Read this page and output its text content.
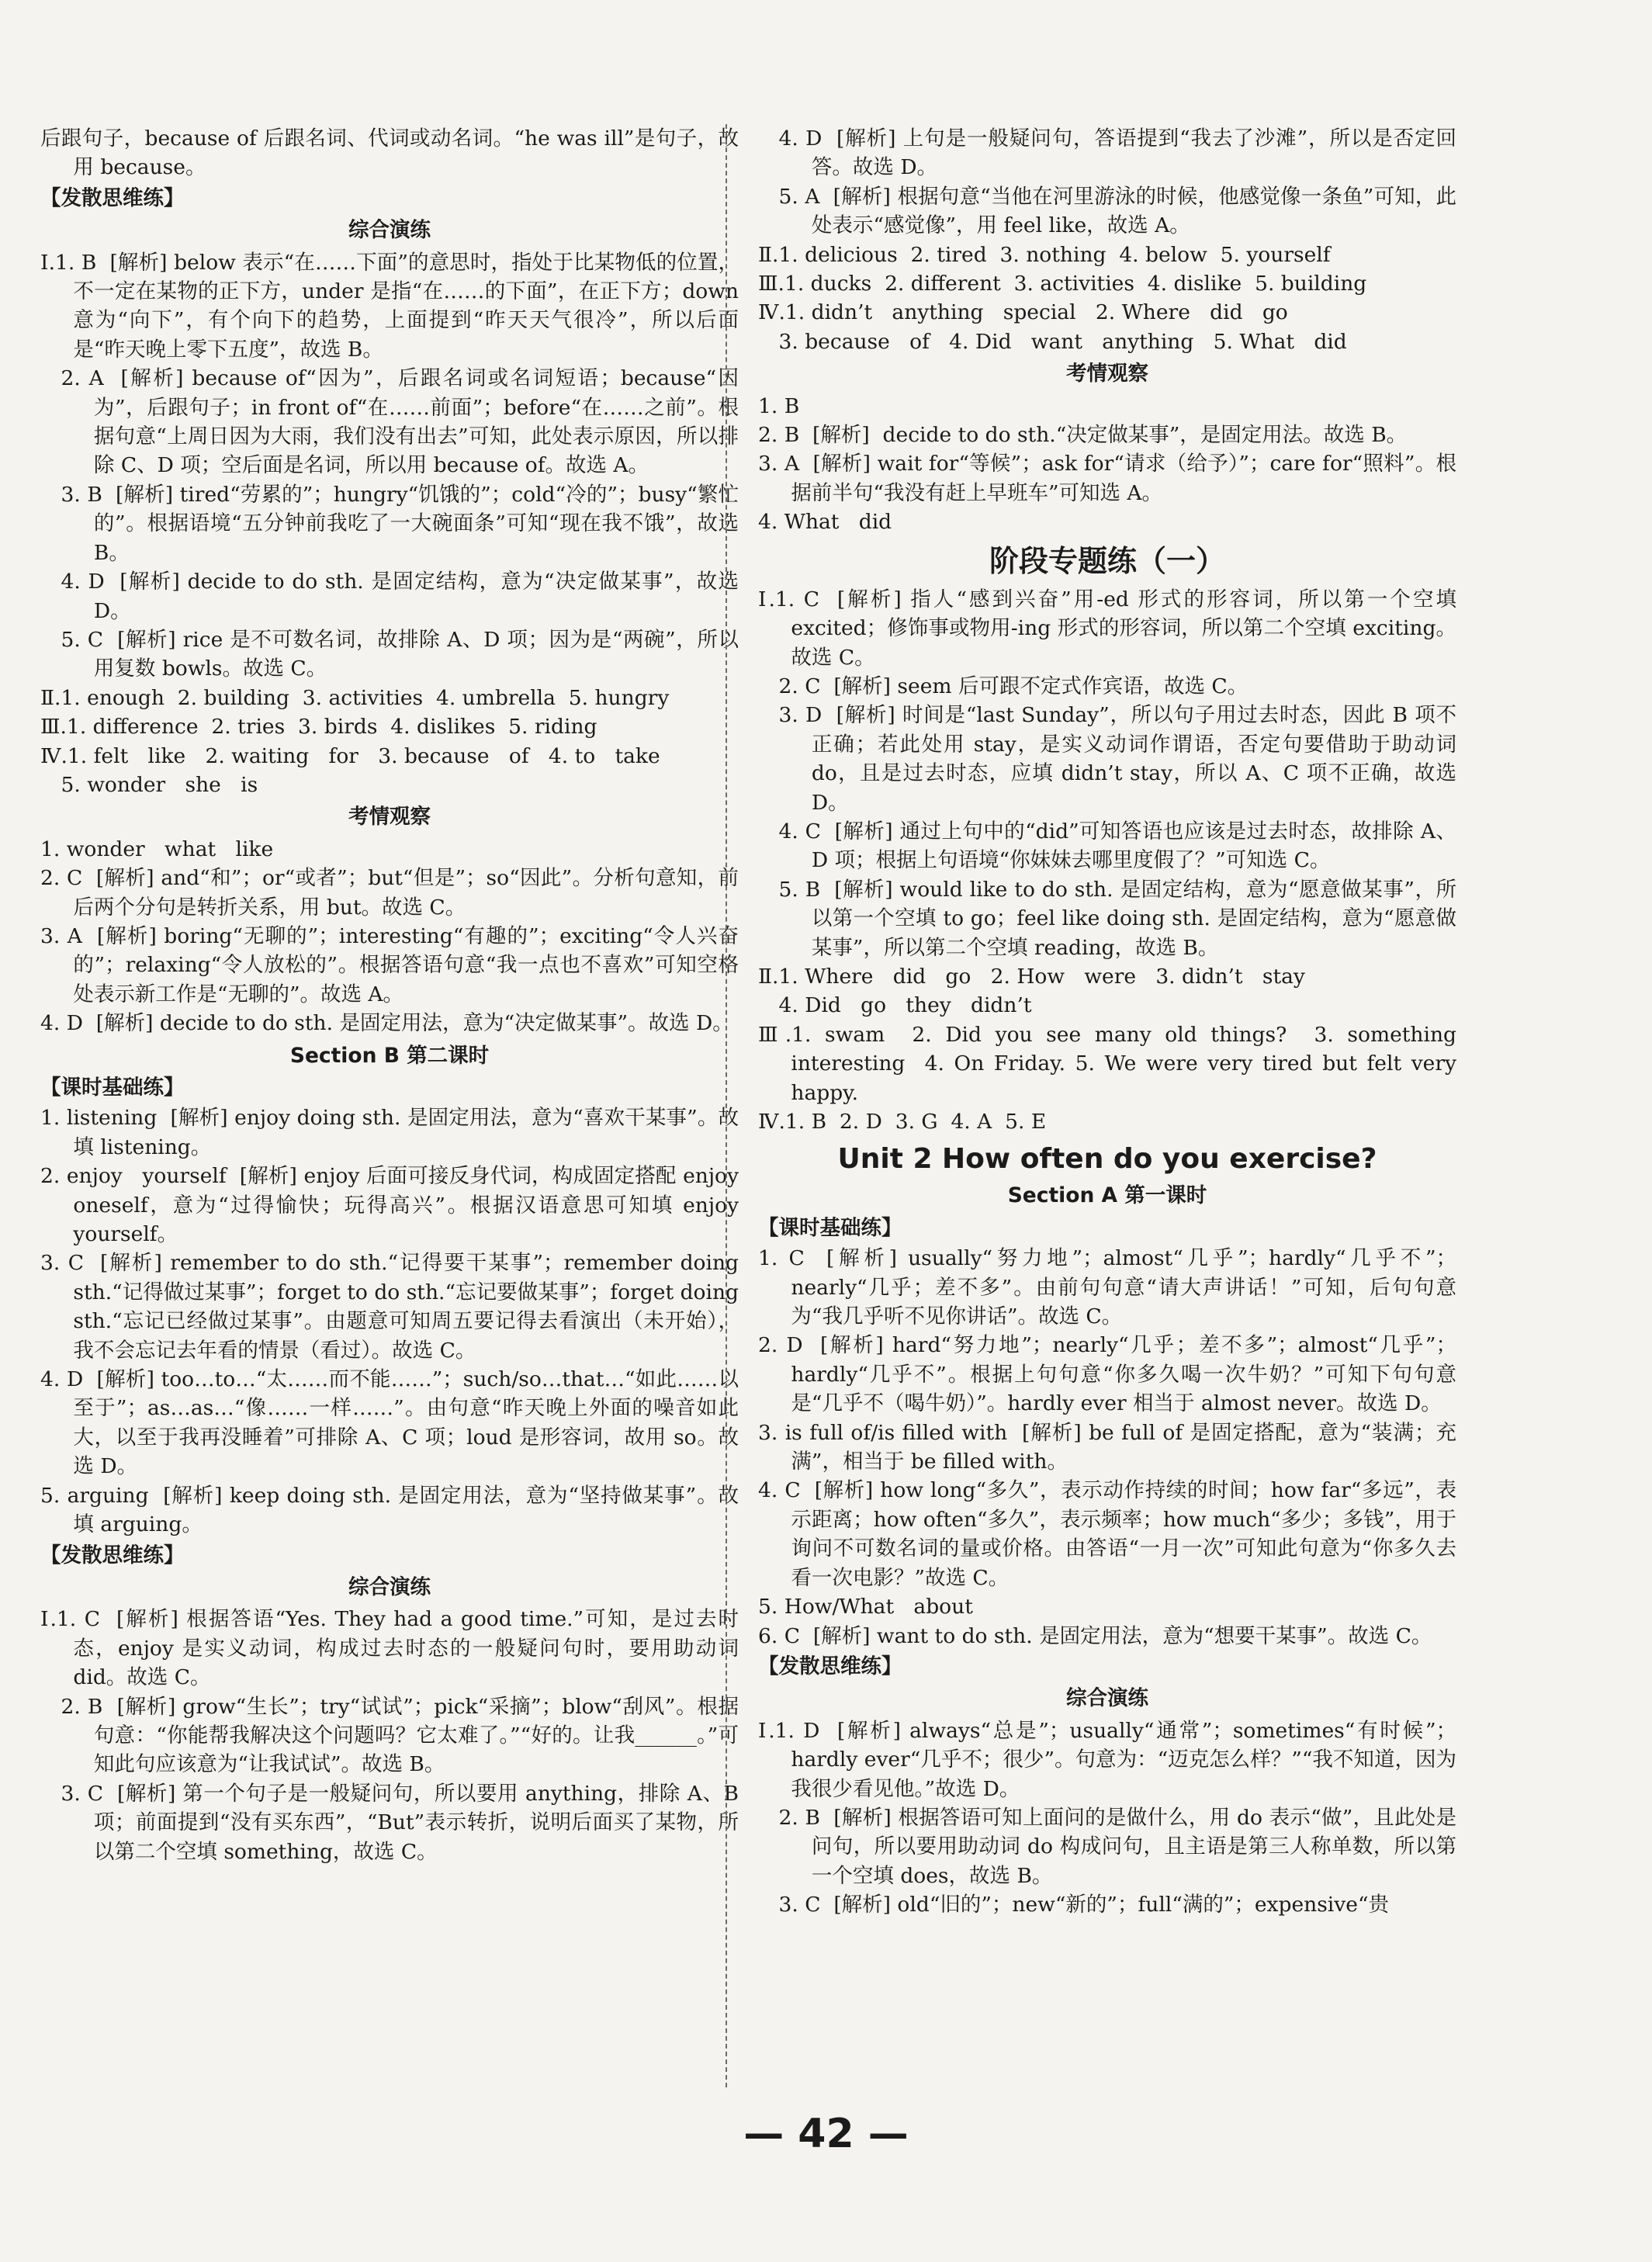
后跟句子，because of 后跟名词、代词或动名词。“he was ill”是句子，故用 because。
【发散思维练】
综合演练
Ⅰ.1. B  [解析] below 表示“在……下面”的意思时，指处于比某物低的位置，不一定在某物的正下方，under 是指“在……的下面”，在正下方；down 意为“向下”，有个向下的趋势，上面提到“昨天天气很冷”，所以后面是“昨天晚上零下五度”，故选 B。
2. A  [解析] because of“因为”，后跟名词或名词短语；because“因为”，后跟句子；in front of“在……前面”；before“在……之前”。根据句意“上周日因为大雨，我们没有出去”可知，此处表示原因，所以排除 C、D 项；空后面是名词，所以用 because of。故选 A。
3. B  [解析] tired“劳累的”；hungry“饥饿的”；cold“冷的”；busy“繁忙的”。根据语境“五分钟前我吃了一大碗面条”可知“现在我不饿”，故选 B。
4. D  [解析] decide to do sth. 是固定结构，意为“决定做某事”，故选 D。
5. C  [解析] rice 是不可数名词，故排除 A、D 项；因为是“两碗”，所以用复数 bowls。故选 C。
Ⅱ.1. enough  2. building  3. activities  4. umbrella  5. hungry
Ⅲ.1. difference  2. tries  3. birds  4. dislikes  5. riding
Ⅳ.1. felt   like   2. waiting   for   3. because   of   4. to   take
5. wonder   she   is
考情观察
1. wonder   what   like
2. C  [解析] and“和”；or“或者”；but“但是”；so“因此”。分析句意知，前后两个分句是转折关系，用 but。故选 C。
3. A  [解析] boring“无聊的”；interesting“有趣的”；exciting“令人兴奋的”；relaxing“令人放松的”。根据答语句意“我一点也不喜欢”可知空格处表示新工作是“无聊的”。故选 A。
4. D  [解析] decide to do sth. 是固定用法，意为“决定做某事”。故选 D。
Section B 第二课时
【课时基础练】
1. listening  [解析] enjoy doing sth. 是固定用法，意为“喜欢干某事”。故填 listening。
2. enjoy   yourself  [解析] enjoy 后面可接反身代词，构成固定搭配 enjoy oneself，意为“过得愉快；玩得高兴”。根据汉语意思可知填 enjoy yourself。
3. C  [解析] remember to do sth.“记得要干某事”；remember doing sth.“记得做过某事”；forget to do sth.“忘记要做某事”；forget doing sth.“忘记已经做过某事”。由题意可知周五要记得去看演出（未开始），我不会忘记去年看的情景（看过）。故选 C。
4. D  [解析] too…to…“太……而不能……”；such/so…that…“如此……以至于”；as…as…“像……一样……”。由句意“昨天晚上外面的噪音如此大，以至于我再没睡着”可排除 A、C 项；loud 是形容词，故用 so。故选 D。
5. arguing  [解析] keep doing sth. 是固定用法，意为“坚持做某事”。故填 arguing。
【发散思维练】
综合演练
Ⅰ.1. C  [解析] 根据答语“Yes. They had a good time.”可知，是过去时态，enjoy 是实义动词，构成过去时态的一般疑问句时，要用助动词 did。故选 C。
2. B  [解析] grow“生长”；try“试试”；pick“采摘”；blow“刮风”。根据句意：“你能帮我解决这个问题吗？它太难了。”“好的。让我______。”可知此句应该意为“让我试试”。故选 B。
3. C  [解析] 第一个句子是一般疑问句，所以要用 anything，排除 A、B 项；前面提到“没有买东西”，“But”表示转折，说明后面买了某物，所以第二个空填 something，故选 C。
4. D  [解析] 上句是一般疑问句，答语提到“我去了沙滩”，所以是否定回答。故选 D。
5. A  [解析] 根据句意“当他在河里游泳的时候，他感觉像一条鱼”可知，此处表示“感觉像”，用 feel like，故选 A。
Ⅱ.1. delicious  2. tired  3. nothing  4. below  5. yourself
Ⅲ.1. ducks  2. different  3. activities  4. dislike  5. building
Ⅳ.1. didn’t   anything   special   2. Where   did   go
3. because   of   4. Did   want   anything   5. What   did
考情观察
1. B
2. B  [解析]  decide to do sth.“决定做某事”，是固定用法。故选 B。
3. A  [解析] wait for“等候”；ask for“请求（给予）”；care for“照料”。根据前半句“我没有赶上早班车”可知选 A。
4. What   did
阶段专题练（一）
Ⅰ.1. C  [解析] 指人“感到兴奋”用-ed 形式的形容词，所以第一个空填 excited；修饰事或物用-ing 形式的形容词，所以第二个空填 exciting。故选 C。
2. C  [解析] seem 后可跟不定式作宾语，故选 C。
3. D  [解析] 时间是“last Sunday”，所以句子用过去时态，因此 B 项不正确；若此处用 stay，是实义动词作谓语，否定句要借助于助动词 do，且是过去时态，应填 didn’t stay，所以 A、C 项不正确，故选 D。
4. C  [解析] 通过上句中的“did”可知答语也应该是过去时态，故排除 A、D 项；根据上句语境“你妹妹去哪里度假了？”可知选 C。
5. B  [解析] would like to do sth. 是固定结构，意为“愿意做某事”，所以第一个空填 to go；feel like doing sth. 是固定结构，意为“愿意做某事”，所以第二个空填 reading，故选 B。
Ⅱ.1. Where   did   go   2. How   were   3. didn’t   stay
4. Did   go   they   didn’t
Ⅲ.1. swam  2. Did you see many old things?  3. something interesting  4. On Friday. 5. We were very tired but felt very happy.
Ⅳ.1. B  2. D  3. G  4. A  5. E
Unit 2 How often do you exercise?
Section A 第一课时
【课时基础练】
1. C  [解析] usually“努力地”；almost“几乎”；hardly“几乎不”；nearly“几乎；差不多”。由前句句意“请大声讲话！”可知，后句句意为“我几乎听不见你讲话”。故选 C。
2. D  [解析] hard“努力地”；nearly“几乎；差不多”；almost“几乎”；hardly“几乎不”。根据上句句意“你多久喝一次牛奶？”可知下句句意是“几乎不（喝牛奶）”。hardly ever 相当于 almost never。故选 D。
3. is full of/is filled with  [解析] be full of 是固定搭配，意为“装满；充满”，相当于 be filled with。
4. C  [解析] how long“多久”，表示动作持续的时间；how far“多远”，表示距离；how often“多久”，表示频率；how much“多少；多钱”，用于询问不可数名词的量或价格。由答语“一月一次”可知此句意为“你多久去看一次电影？”故选 C。
5. How/What   about
6. C  [解析] want to do sth. 是固定用法，意为“想要干某事”。故选 C。
【发散思维练】
综合演练
Ⅰ.1. D  [解析] always“总是”；usually“通常”；sometimes“有时候”；hardly ever“几乎不；很少”。句意为：“迈克怎么样？”“我不知道，因为我很少看见他。”故选 D。
2. B  [解析] 根据答语可知上面问的是做什么，用 do 表示“做”，且此处是问句，所以要用助动词 do 构成问句，且主语是第三人称单数，所以第一个空填 does，故选 B。
3. C  [解析] old“旧的”；new“新的”；full“满的”；expensive“贵
— 42 —
